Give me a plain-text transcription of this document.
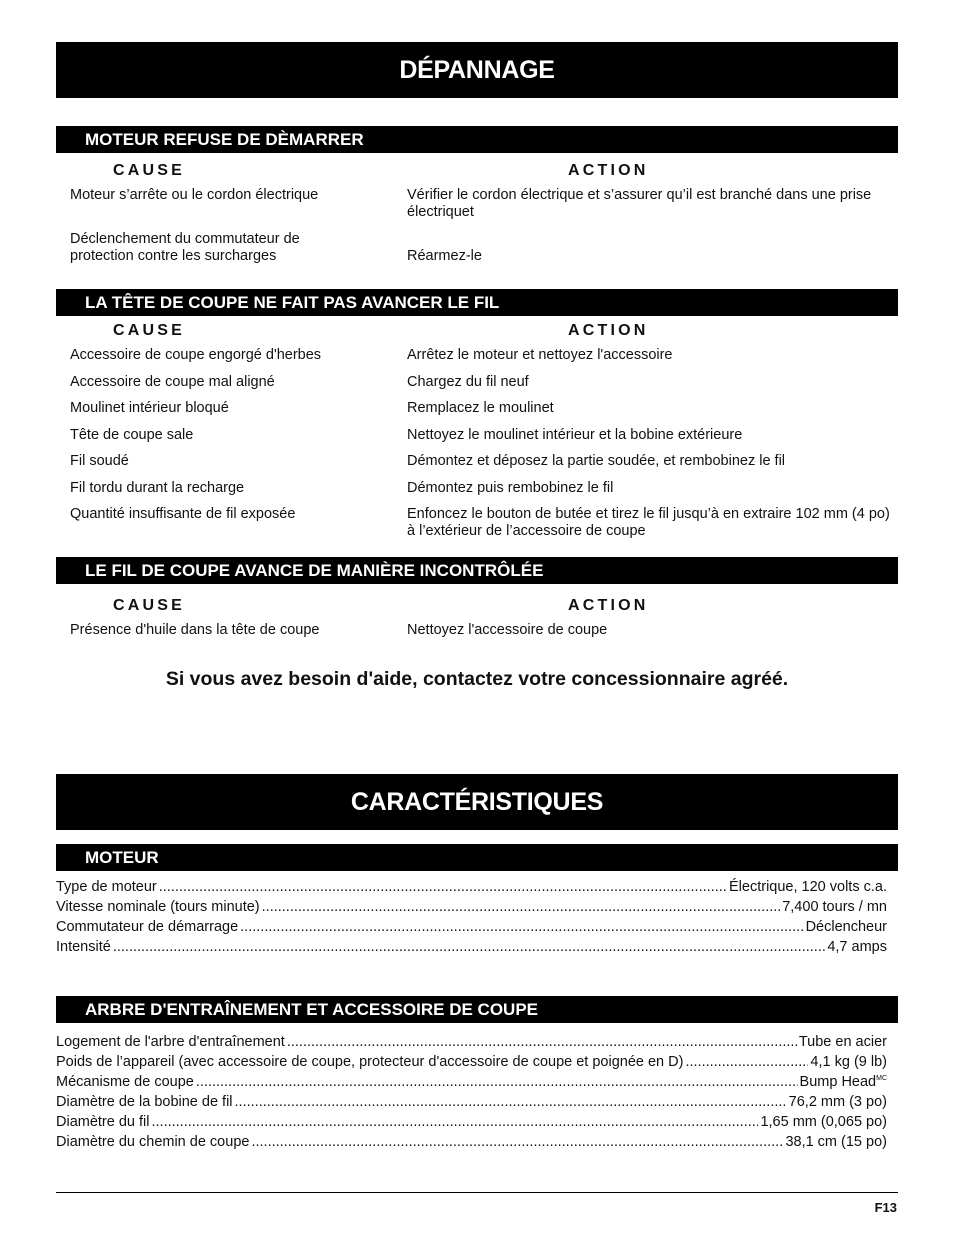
DÉPANNAGE
MOTEUR REFUSE DE DÈMARRER
CAUSE	ACTION
Moteur s’arrête ou le cordon électrique	Vérifier le cordon électrique et s’assurer qu’il est branché dans une prise électriquet
Déclenchement du commutateur de protection contre les surcharges	Réarmez-le
LA TÊTE DE COUPE NE FAIT PAS AVANCER LE FIL
CAUSE	ACTION
Accessoire de coupe engorgé d'herbes	Arrêtez le moteur et nettoyez l'accessoire
Accessoire de coupe mal aligné	Chargez du fil neuf
Moulinet intérieur bloqué	Remplacez le moulinet
Tête de coupe sale	Nettoyez le moulinet intérieur et la bobine extérieure
Fil soudé	Démontez et déposez la partie soudée, et rembobinez le fil
Fil tordu durant la recharge	Démontez puis rembobinez le fil
Quantité insuffisante de fil exposée	Enfoncez le bouton de butée et tirez le fil jusqu’à en extraire 102 mm (4 po) à l’extérieur de l’accessoire de coupe
LE FIL DE COUPE AVANCE DE MANIÈRE INCONTRÔLÉE
CAUSE	ACTION
Présence d'huile dans la tête de coupe	Nettoyez l'accessoire de coupe
Si vous avez besoin d'aide, contactez votre concessionnaire agréé.
CARACTÉRISTIQUES
MOTEUR
Type de moteur .....	Électrique, 120 volts c.a.
Vitesse nominale (tours minute) .....	7,400 tours / mn
Commutateur de démarrage .....	Déclencheur
Intensité .....	4,7 amps
ARBRE D'ENTRAÎNEMENT ET ACCESSOIRE DE COUPE
Logement de l'arbre d'entraînement .....	Tube en acier
Poids de l’appareil (avec accessoire de coupe, protecteur d'accessoire de coupe et poignée en D) .....	4,1 kg (9 lb)
Mécanisme de coupe .....	Bump Head$^{MC}$
Diamètre de la bobine de fil .....	76,2 mm (3 po)
Diamètre du fil .....	1,65 mm (0,065 po)
Diamètre du chemin de coupe .....	38,1 cm (15 po)
F13
